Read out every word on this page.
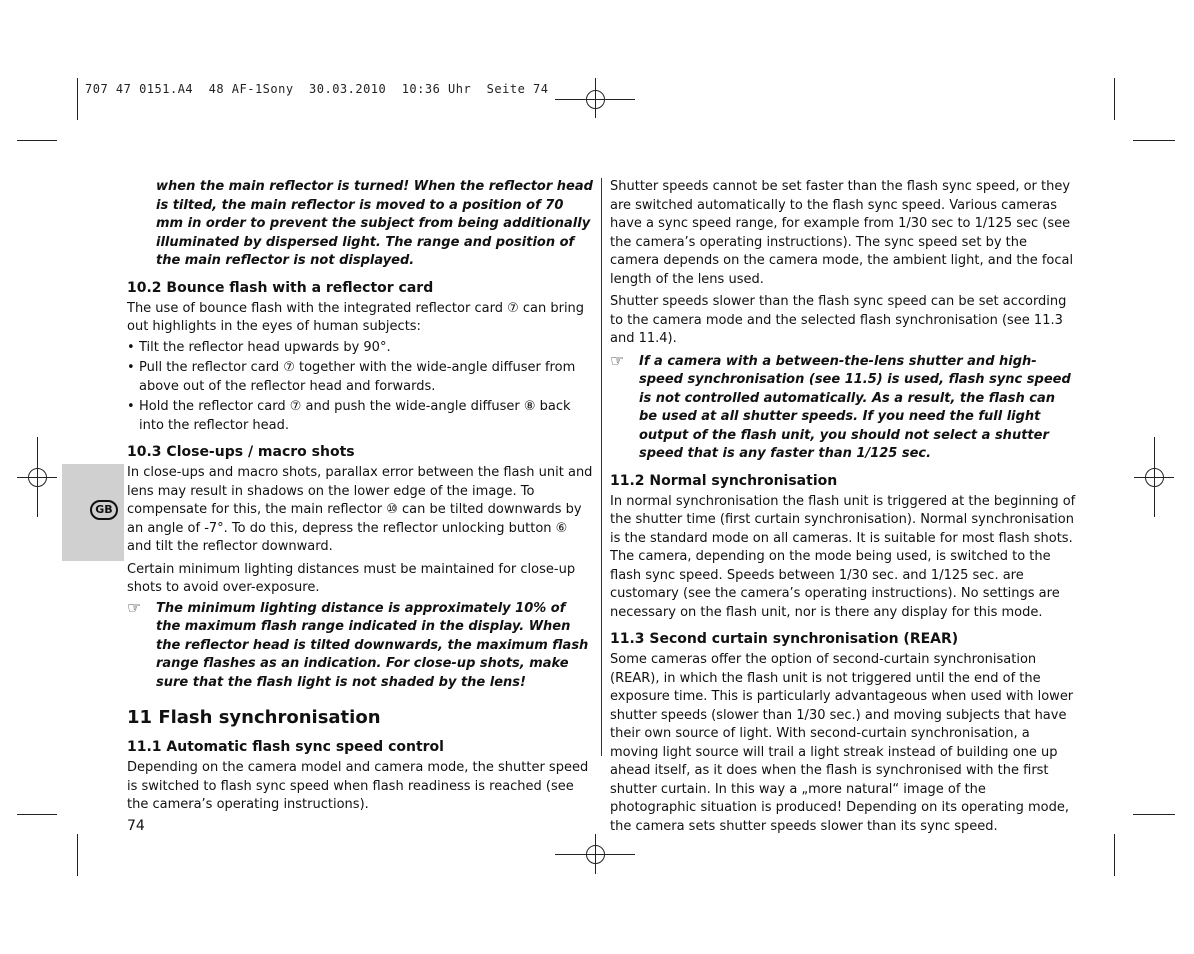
707 47 0151.A4  48 AF-1Sony  30.03.2010  10:36 Uhr  Seite 74
GB

when the main reflector is turned! When the reflector head is tilted, the main reflector is moved to a position of 70 mm in order to prevent the subject from being additionally illuminated by dispersed light. The range and position of the main reflector is not displayed.

10.2 Bounce flash with a reflector card

The use of bounce flash with the integrated reflector card ⑦ can bring out highlights in the eyes of human subjects:

• Tilt the reflector head upwards by 90°.
• Pull the reflector card ⑦ together with the wide-angle diffuser from above out of the reflector head and forwards.
• Hold the reflector card ⑦ and push the wide-angle diffuser ⑧ back into the reflector head.
10.3 Close-ups / macro shots

In close-ups and macro shots, parallax error between the flash unit and lens may result in shadows on the lower edge of the image. To compensate for this, the main reflector ⑩ can be tilted downwards by an angle of -7°. To do this, depress the reflector unlocking button ⑥ and tilt the reflector downward.

Certain minimum lighting distances must be maintained for close-up shots to avoid over-exposure.

☞ The minimum lighting distance is approximately 10% of the maximum flash range indicated in the display. When the reflector head is tilted downwards, the maximum flash range flashes as an indication. For close-up shots, make sure that the flash light is not shaded by the lens!
11 Flash synchronisation
11.1 Automatic flash sync speed control

Depending on the camera model and camera mode, the shutter speed is switched to flash sync speed when flash readiness is reached (see the camera’s operating instructions).

74

Shutter speeds cannot be set faster than the flash sync speed, or they are switched automatically to the flash sync speed. Various cameras have a sync speed range, for example from 1/30 sec to 1/125 sec (see the camera’s operating instructions). The sync speed set by the camera depends on the camera mode, the ambient light, and the focal length of the lens used.

Shutter speeds slower than the flash sync speed can be set according to the camera mode and the selected flash synchronisation (see 11.3 and 11.4).

☞ If a camera with a between-the-lens shutter and high-speed synchronisation (see 11.5) is used, flash sync speed is not controlled automatically. As a result, the flash can be used at all shutter speeds. If you need the full light output of the flash unit, you should not select a shutter speed that is any faster than 1/125 sec.
11.2 Normal synchronisation

In normal synchronisation the flash unit is triggered at the beginning of the shutter time (first curtain synchronisation). Normal synchronisation is the standard mode on all cameras. It is suitable for most flash shots. The camera, depending on the mode being used, is switched to the flash sync speed. Speeds between 1/30 sec. and 1/125 sec. are customary (see the camera’s operating instructions). No settings are necessary on the flash unit, nor is there any display for this mode.

11.3 Second curtain synchronisation (REAR)

Some cameras offer the option of second-curtain synchronisation (REAR), in which the flash unit is not triggered until the end of the exposure time. This is particularly advantageous when used with lower shutter speeds (slower than 1/30 sec.) and moving subjects that have their own source of light. With second-curtain synchronisation, a moving light source will trail a light streak instead of building one up ahead itself, as it does when the flash is synchronised with the first shutter curtain. In this way a „more natural“ image of the photographic situation is produced! Depending on its operating mode, the camera sets shutter speeds slower than its sync speed.
